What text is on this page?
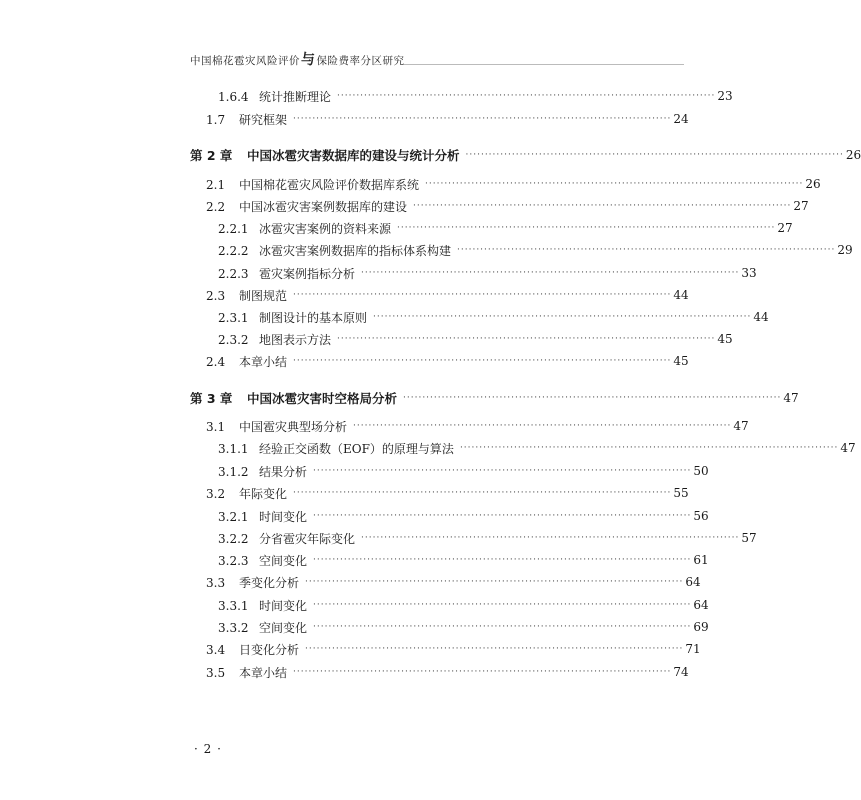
中国棉花雹灾风险评价与保险费率分区研究
1.6.4 统计推断理论 ·································································································· 23
1.7 研究框架 ·································································································· 24
第 2 章 中国冰雹灾害数据库的建设与统计分析 ·································································································· 26
2.1 中国棉花雹灾风险评价数据库系统 ·································································································· 26
2.2 中国冰雹灾害案例数据库的建设 ·································································································· 27
2.2.1 冰雹灾害案例的资料来源 ·································································································· 27
2.2.2 冰雹灾害案例数据库的指标体系构建 ·································································································· 29
2.2.3 雹灾案例指标分析 ·································································································· 33
2.3 制图规范 ·································································································· 44
2.3.1 制图设计的基本原则 ·································································································· 44
2.3.2 地图表示方法 ·································································································· 45
2.4 本章小结 ·································································································· 45
第 3 章 中国冰雹灾害时空格局分析 ·································································································· 47
3.1 中国雹灾典型场分析 ·································································································· 47
3.1.1 经验正交函数（EOF）的原理与算法 ·································································································· 47
3.1.2 结果分析 ·································································································· 50
3.2 年际变化 ·································································································· 55
3.2.1 时间变化 ·································································································· 56
3.2.2 分省雹灾年际变化 ·································································································· 57
3.2.3 空间变化 ·································································································· 61
3.3 季变化分析 ·································································································· 64
3.3.1 时间变化 ·································································································· 64
3.3.2 空间变化 ·································································································· 69
3.4 日变化分析 ·································································································· 71
3.5 本章小结 ·································································································· 74
· 2 ·
